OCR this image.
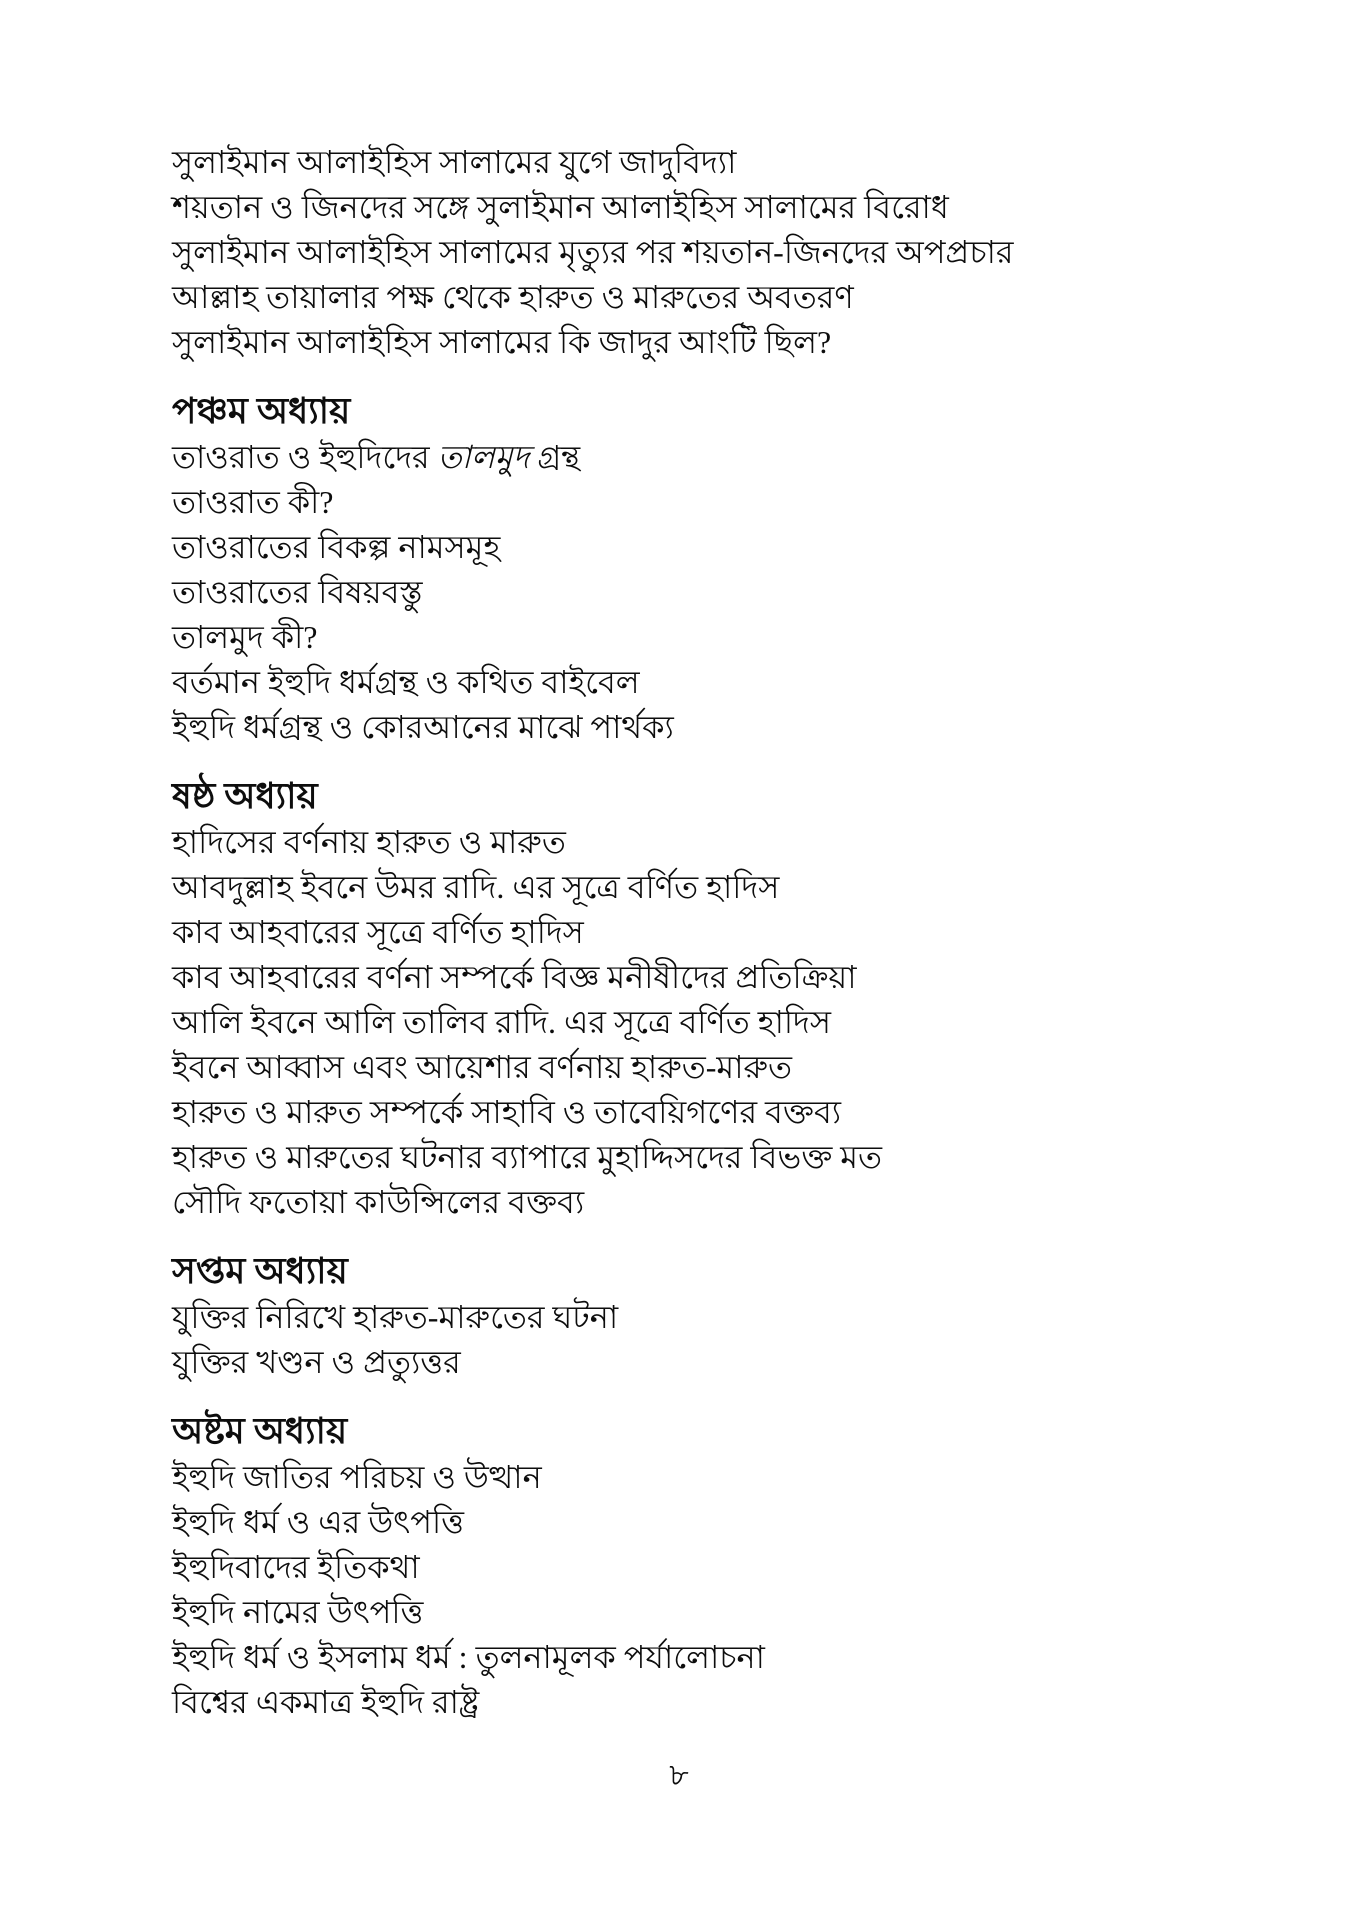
সুলাইমান আলাইহিস সালামের যুগে জাদুবিদ্যা

শয়তান ও জিনদের সঙ্গে সুলাইমান আলাইহিস সালামের বিরোধ

সুলাইমান আলাইহিস সালামের মৃত্যুর পর শয়তান-জিনদের অপপ্রচার

আল্লাহ তায়ালার পক্ষ থেকে হারুত ও মারুতের অবতরণ

সুলাইমান আলাইহিস সালামের কি জাদুর আংটি ছিল?

পঞ্চম অধ্যায়

তাওরাত ও ইহুদিদের তালমুদ গ্রন্থ

তাওরাত কী?

তাওরাতের বিকল্প নামসমূহ

তাওরাতের বিষয়বস্তু

তালমুদ কী?

বর্তমান ইহুদি ধর্মগ্রন্থ ও কথিত বাইবেল

ইহুদি ধর্মগ্রন্থ ও কোরআনের মাঝে পার্থক্য

ষষ্ঠ অধ্যায়

হাদিসের বর্ণনায় হারুত ও মারুত

আবদুল্লাহ ইবনে উমর রাদি. এর সূত্রে বর্ণিত হাদিস

কাব আহবারের সূত্রে বর্ণিত হাদিস

কাব আহবারের বর্ণনা সম্পর্কে বিজ্ঞ মনীষীদের প্রতিক্রিয়া

আলি ইবনে আলি তালিব রাদি. এর সূত্রে বর্ণিত হাদিস

ইবনে আব্বাস এবং আয়েশার বর্ণনায় হারুত-মারুত

হারুত ও মারুত সম্পর্কে সাহাবি ও তাবেয়িগণের বক্তব্য

হারুত ও মারুতের ঘটনার ব্যাপারে মুহাদ্দিসদের বিভক্ত মত

সৌদি ফতোয়া কাউন্সিলের বক্তব্য

সপ্তম অধ্যায়

যুক্তির নিরিখে হারুত-মারুতের ঘটনা

যুক্তির খণ্ডন ও প্রত্যুত্তর

অষ্টম অধ্যায়

ইহুদি জাতির পরিচয় ও উত্থান

ইহুদি ধর্ম ও এর উৎপত্তি

ইহুদিবাদের ইতিকথা

ইহুদি নামের উৎপত্তি

ইহুদি ধর্ম ও ইসলাম ধর্ম : তুলনামূলক পর্যালোচনা

বিশ্বের একমাত্র ইহুদি রাষ্ট্র

৮
